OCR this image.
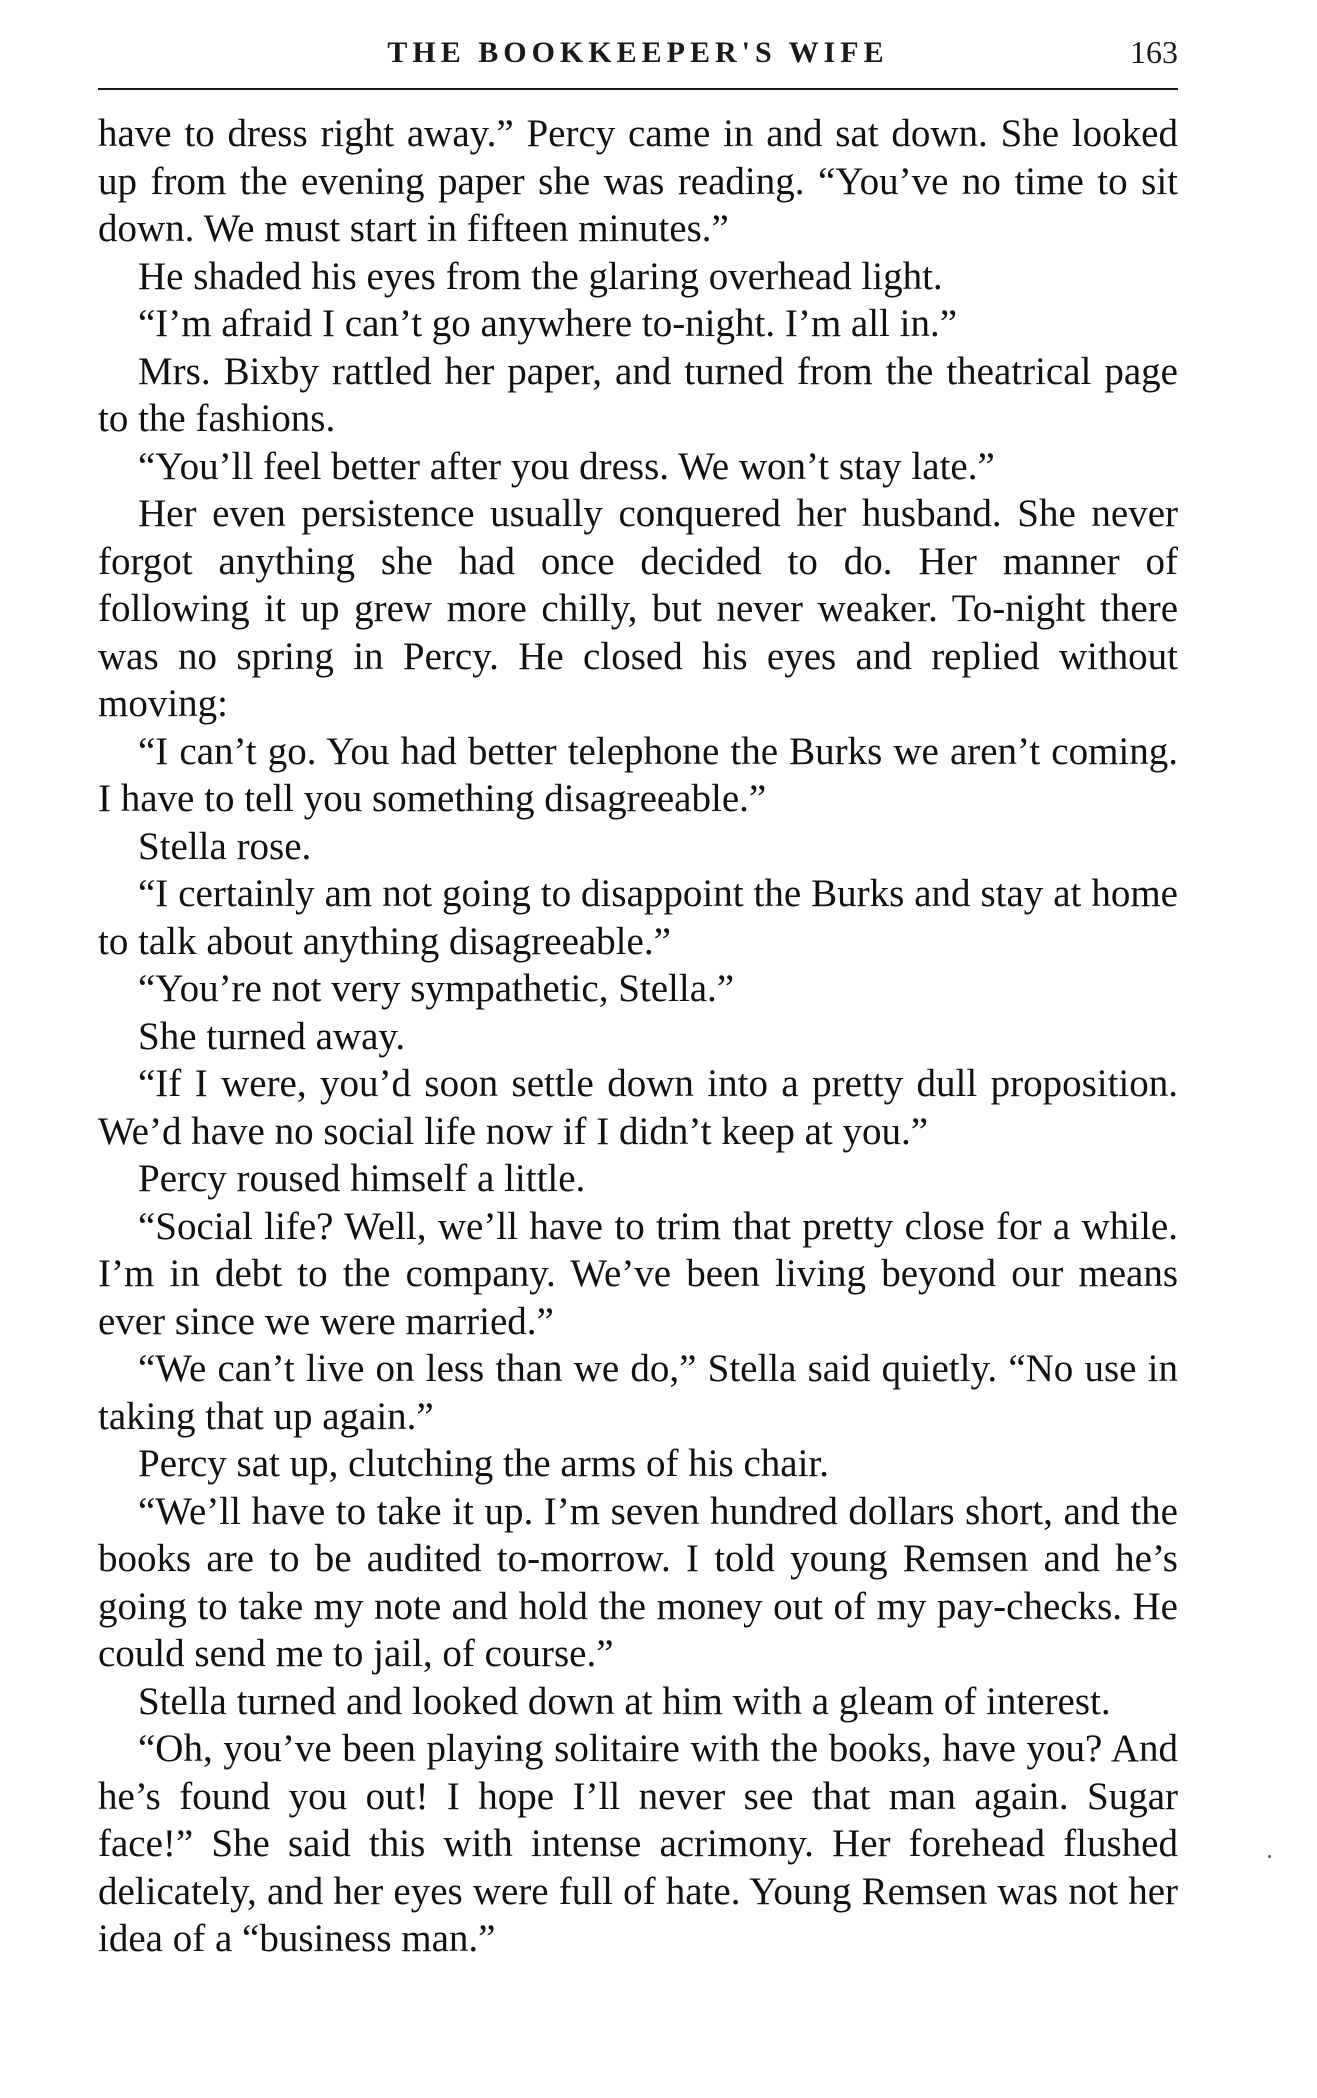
THE BOOKKEEPER'S WIFE	163

have to dress right away.” Percy came in and sat down. She looked up from the evening paper she was reading. “You’ve no time to sit down. We must start in fifteen minutes.”

He shaded his eyes from the glaring overhead light.

“I’m afraid I can’t go anywhere to-night. I’m all in.”

Mrs. Bixby rattled her paper, and turned from the theatrical page to the fashions.

“You’ll feel better after you dress. We won’t stay late.”

Her even persistence usually conquered her husband. She never forgot anything she had once decided to do. Her manner of following it up grew more chilly, but never weaker. To-night there was no spring in Percy. He closed his eyes and replied without moving:

“I can’t go. You had better telephone the Burks we aren’t coming. I have to tell you something disagreeable.”

Stella rose.

“I certainly am not going to disappoint the Burks and stay at home to talk about anything disagreeable.”

“You’re not very sympathetic, Stella.”

She turned away.

“If I were, you’d soon settle down into a pretty dull proposition. We’d have no social life now if I didn’t keep at you.”

Percy roused himself a little.

“Social life? Well, we’ll have to trim that pretty close for a while. I’m in debt to the company. We’ve been living beyond our means ever since we were married.”

“We can’t live on less than we do,” Stella said quietly. “No use in taking that up again.”

Percy sat up, clutching the arms of his chair.

“We’ll have to take it up. I’m seven hundred dollars short, and the books are to be audited to-morrow. I told young Remsen and he’s going to take my note and hold the money out of my pay-checks. He could send me to jail, of course.”

Stella turned and looked down at him with a gleam of interest.

“Oh, you’ve been playing solitaire with the books, have you? And he’s found you out! I hope I’ll never see that man again. Sugar face!” She said this with intense acrimony. Her forehead flushed delicately, and her eyes were full of hate. Young Remsen was not her idea of a “business man.”
